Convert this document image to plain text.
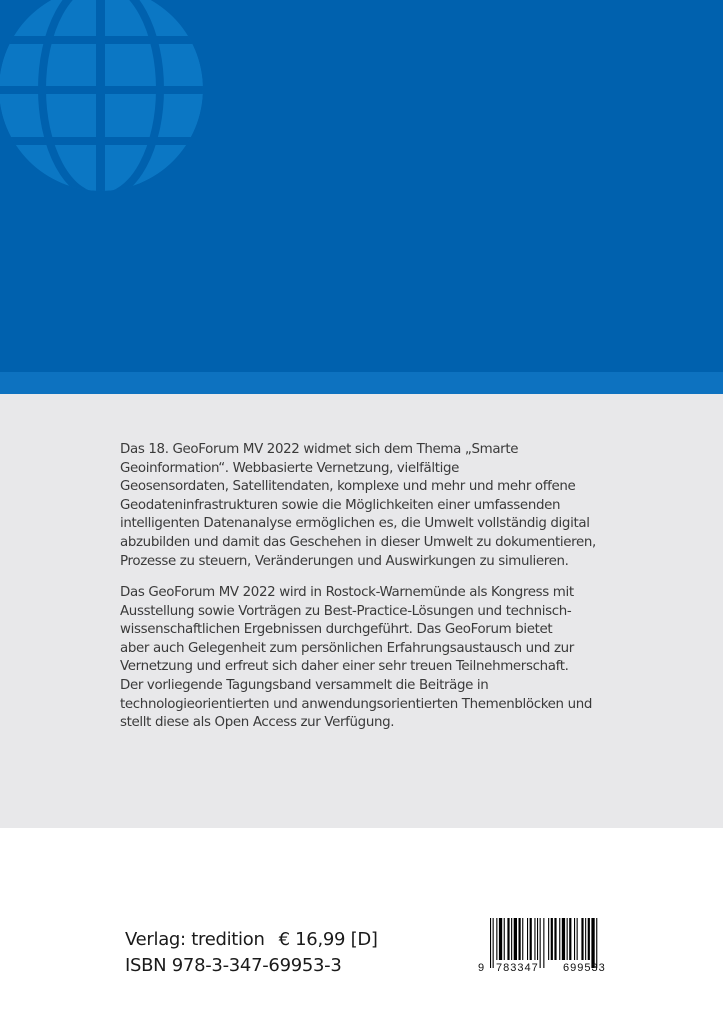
Das 18. GeoForum MV 2022 widmet sich dem Thema „Smarte
Geoinformation“. Webbasierte Vernetzung, vielfältige
Geosensordaten, Satellitendaten, komplexe und mehr und mehr offene
Geodateninfrastrukturen sowie die Möglichkeiten einer umfassenden
intelligenten Datenanalyse ermöglichen es, die Umwelt vollständig digital
abzubilden und damit das Geschehen in dieser Umwelt zu dokumentieren,
Prozesse zu steuern, Veränderungen und Auswirkungen zu simulieren.
Das GeoForum MV 2022 wird in Rostock-Warnemünde als Kongress mit
Ausstellung sowie Vorträgen zu Best-Practice-Lösungen und technisch-
wissenschaftlichen Ergebnissen durchgeführt. Das GeoForum bietet
aber auch Gelegenheit zum persönlichen Erfahrungsaustausch und zur
Vernetzung und erfreut sich daher einer sehr treuen Teilnehmerschaft.
Der vorliegende Tagungsband versammelt die Beiträge in
technologieorientierten und anwendungsorientierten Themenblöcken und
stellt diese als Open Access zur Verfügung.
Verlag: tredition € 16,99 [D]
ISBN 978-3-347-69953-3	9 783347 699533
